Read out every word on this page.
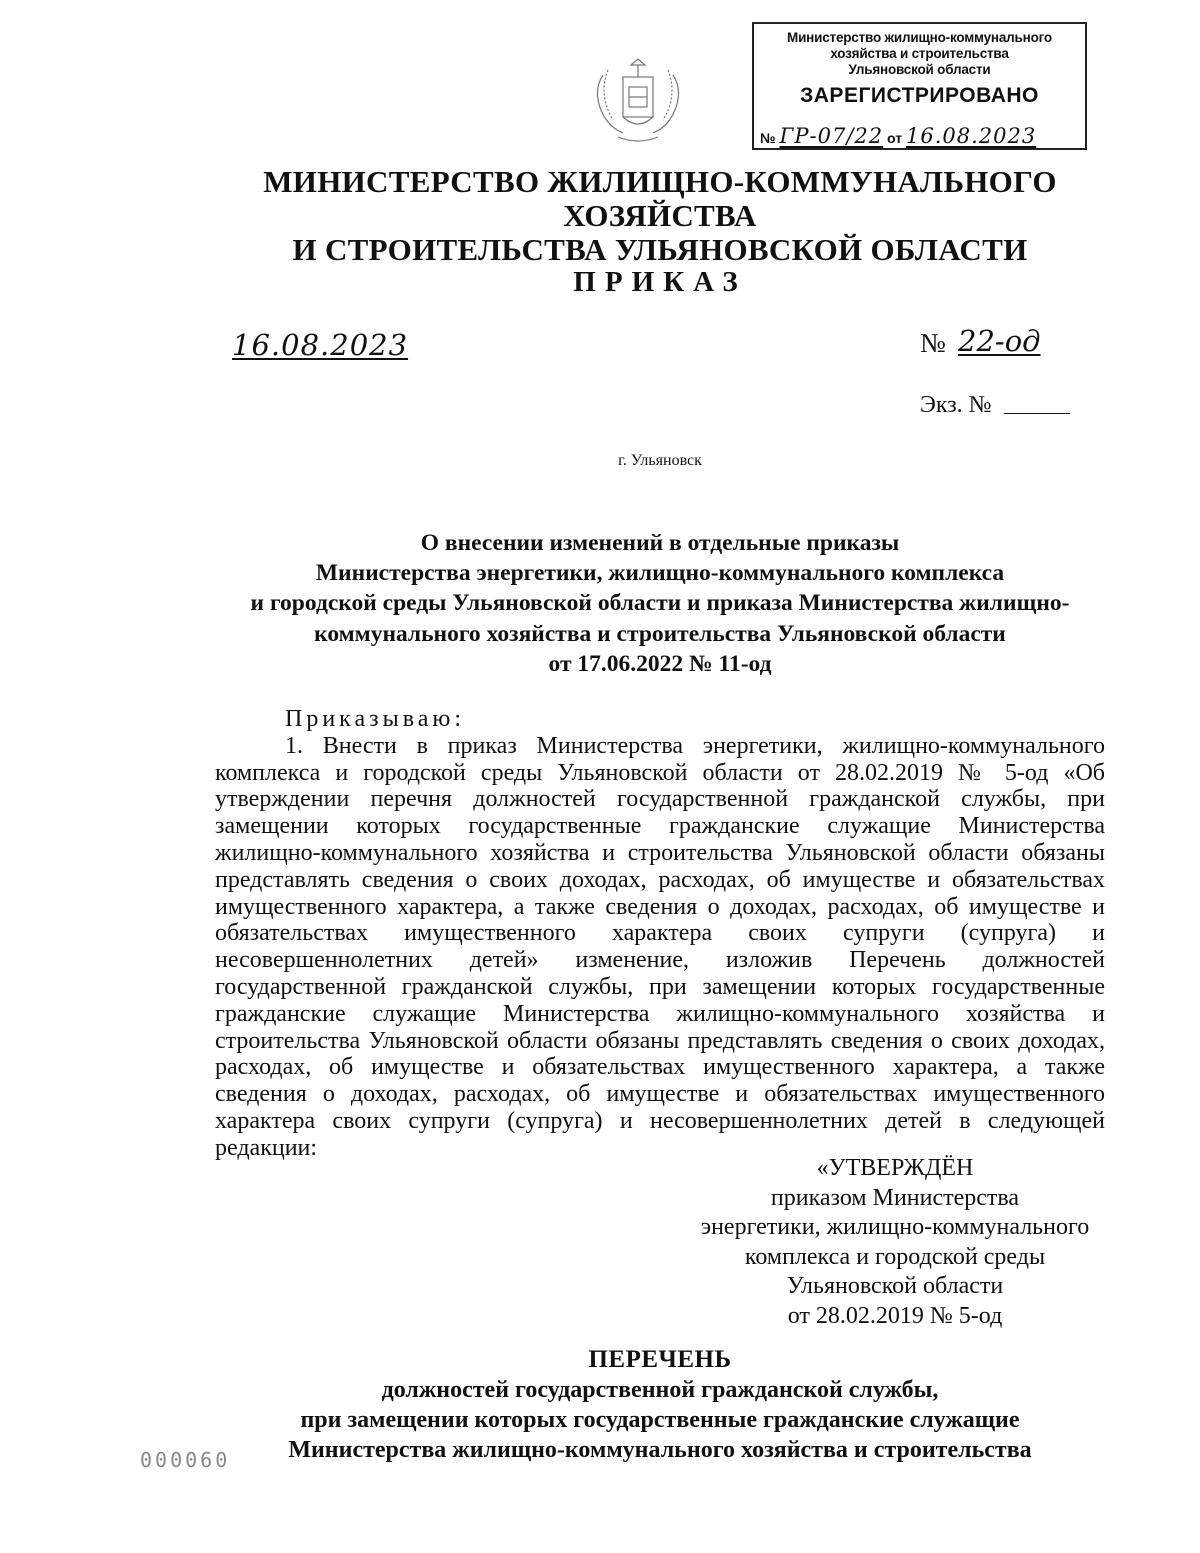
Министерство жилищно-коммунального
хозяйства и строительства
Ульяновской области
ЗАРЕГИСТРИРОВАНО
№ ГР-07/22 от 16.08.2023
МИНИСТЕРСТВО ЖИЛИЩНО-КОММУНАЛЬНОГО ХОЗЯЙСТВА
И СТРОИТЕЛЬСТВА УЛЬЯНОВСКОЙ ОБЛАСТИ
ПРИКАЗ
16.08.2023	№ 22-од
Экз. №
г. Ульяновск
О внесении изменений в отдельные приказы
Министерства энергетики, жилищно-коммунального комплекса
и городской среды Ульяновской области и приказа Министерства жилищно-
коммунального хозяйства и строительства Ульяновской области
от 17.06.2022 № 11-од

Приказываю:

1. Внести в приказ Министерства энергетики, жилищно-коммунального комплекса и городской среды Ульяновской области от 28.02.2019 № 5-од «Об утверждении перечня должностей государственной гражданской службы, при замещении которых государственные гражданские служащие Министерства жилищно-коммунального хозяйства и строительства Ульяновской области обязаны представлять сведения о своих доходах, расходах, об имуществе и обязательствах имущественного характера, а также сведения о доходах, расходах, об имуществе и обязательствах имущественного характера своих супруги (супруга) и несовершеннолетних детей» изменение, изложив Перечень должностей государственной гражданской службы, при замещении которых государственные гражданские служащие Министерства жилищно-коммунального хозяйства и строительства Ульяновской области обязаны представлять сведения о своих доходах, расходах, об имуществе и обязательствах имущественного характера, а также сведения о доходах, расходах, об имуществе и обязательствах имущественного характера своих супруги (супруга) и несовершеннолетних детей в следующей редакции:

«УТВЕРЖДЁН
приказом Министерства
энергетики, жилищно-коммунального
комплекса и городской среды
Ульяновской области
от 28.02.2019 № 5-од
ПЕРЕЧЕНЬ
должностей государственной гражданской службы,
при замещении которых государственные гражданские служащие
Министерства жилищно-коммунального хозяйства и строительства
000060
